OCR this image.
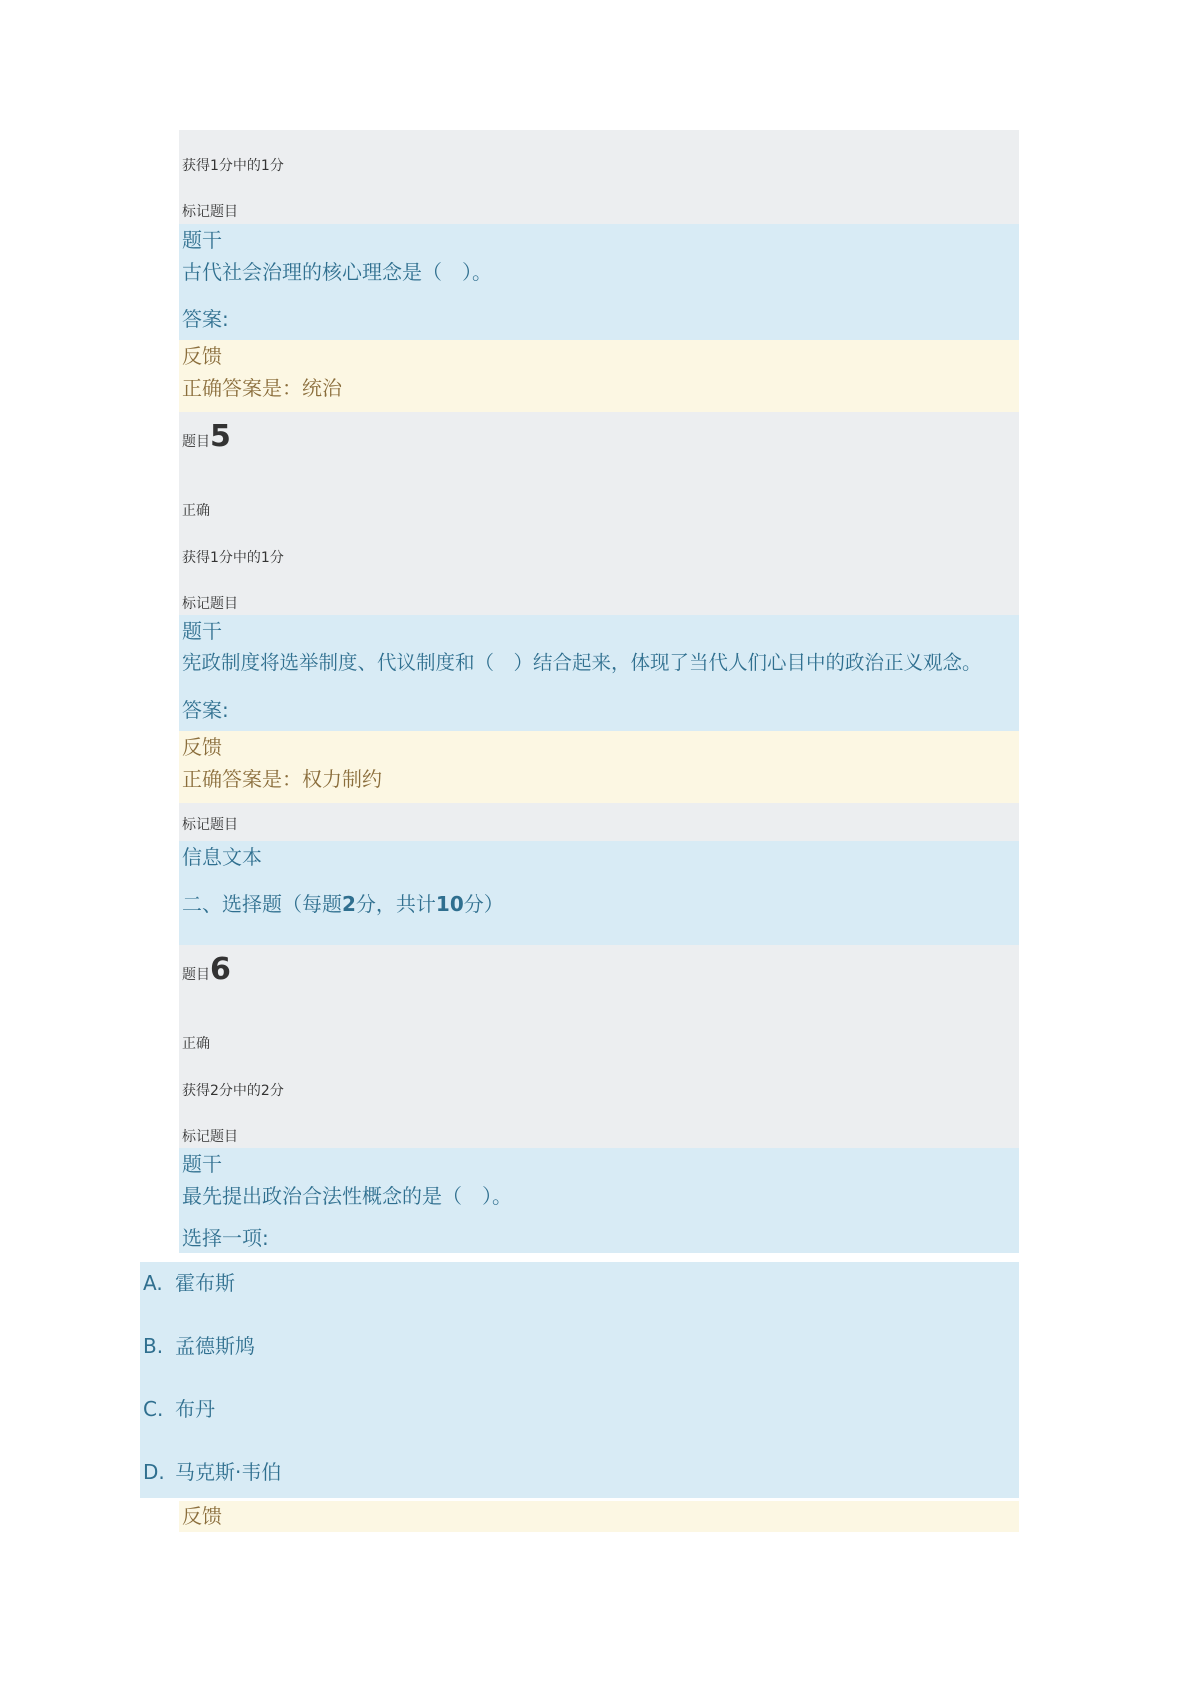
获得1分中的1分
标记题目
题干
古代社会治理的核心理念是（　）。
答案:
反馈
正确答案是：统治
题目5
正确
获得1分中的1分
标记题目
题干
宪政制度将选举制度、代议制度和（　）结合起来，体现了当代人们心目中的政治正义观念。
答案:
反馈
正确答案是：权力制约
标记题目
信息文本
二、选择题（每题2分，共计10分）
题目6
正确
获得2分中的2分
标记题目
题干
最先提出政治合法性概念的是（　）。
选择一项:
A. 霍布斯
B. 孟德斯鸠
C. 布丹
D. 马克斯·韦伯
反馈
